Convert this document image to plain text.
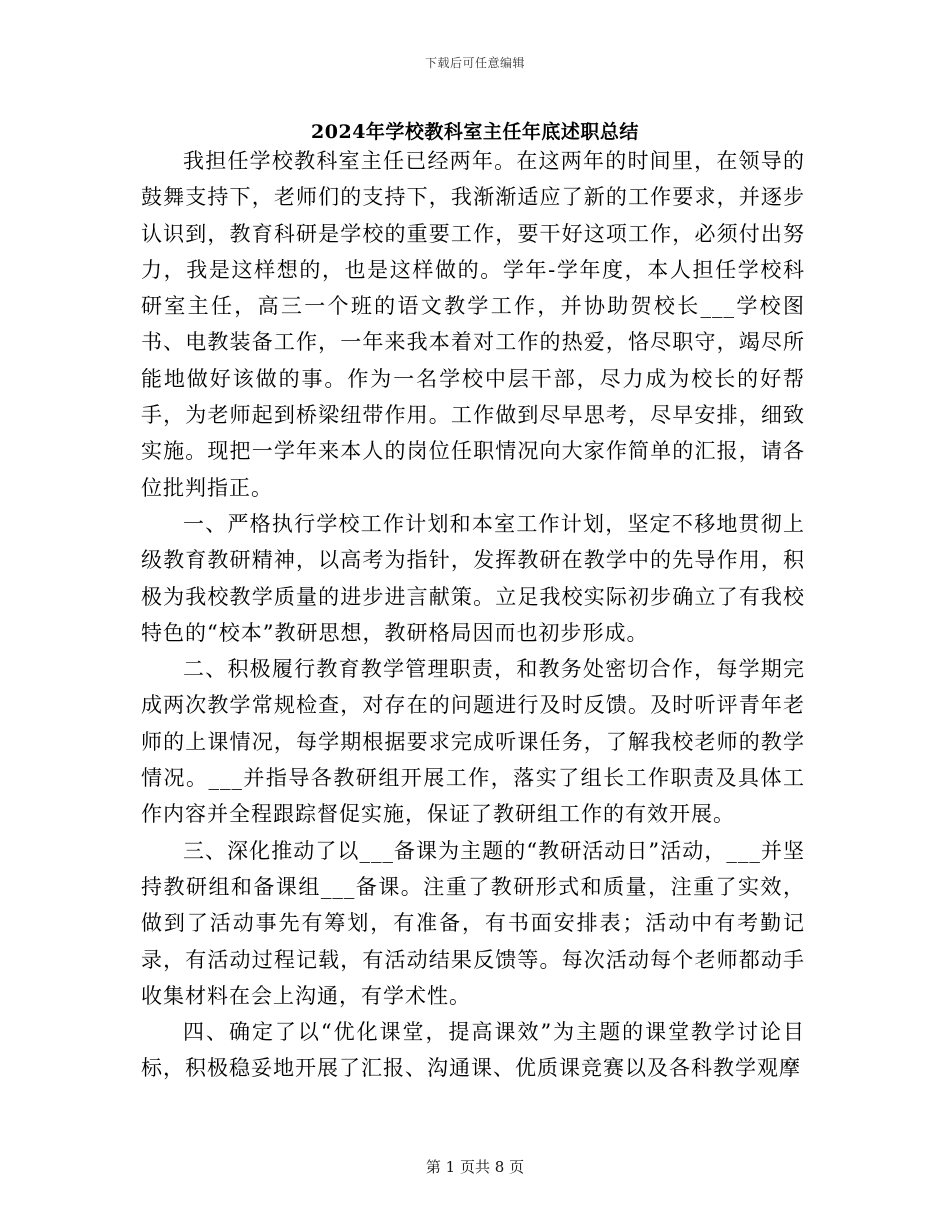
下载后可任意编辑
2024年学校教科室主任年底述职总结

我担任学校教科室主任已经两年。在这两年的时间里，在领导的鼓舞支持下，老师们的支持下，我渐渐适应了新的工作要求，并逐步认识到，教育科研是学校的重要工作，要干好这项工作，必须付出努力，我是这样想的，也是这样做的。学年-学年度，本人担任学校科研室主任，高三一个班的语文教学工作，并协助贺校长___学校图书、电教装备工作，一年来我本着对工作的热爱，恪尽职守，竭尽所能地做好该做的事。作为一名学校中层干部，尽力成为校长的好帮手，为老师起到桥梁纽带作用。工作做到尽早思考，尽早安排，细致实施。现把一学年来本人的岗位任职情况向大家作简单的汇报，请各位批判指正。

一、严格执行学校工作计划和本室工作计划，坚定不移地贯彻上级教育教研精神，以高考为指针，发挥教研在教学中的先导作用，积极为我校教学质量的进步进言献策。立足我校实际初步确立了有我校特色的“校本”教研思想，教研格局因而也初步形成。

二、积极履行教育教学管理职责，和教务处密切合作，每学期完成两次教学常规检查，对存在的问题进行及时反馈。及时听评青年老师的上课情况，每学期根据要求完成听课任务，了解我校老师的教学情况。___并指导各教研组开展工作，落实了组长工作职责及具体工作内容并全程跟踪督促实施，保证了教研组工作的有效开展。

三、深化推动了以___备课为主题的“教研活动日”活动，___并坚持教研组和备课组___备课。注重了教研形式和质量，注重了实效，做到了活动事先有筹划，有准备，有书面安排表；活动中有考勤记录，有活动过程记载，有活动结果反馈等。每次活动每个老师都动手收集材料在会上沟通，有学术性。

四、确定了以“优化课堂，提高课效”为主题的课堂教学讨论目标，积极稳妥地开展了汇报、沟通课、优质课竞赛以及各科教学观摩

第 1 页共 8 页
